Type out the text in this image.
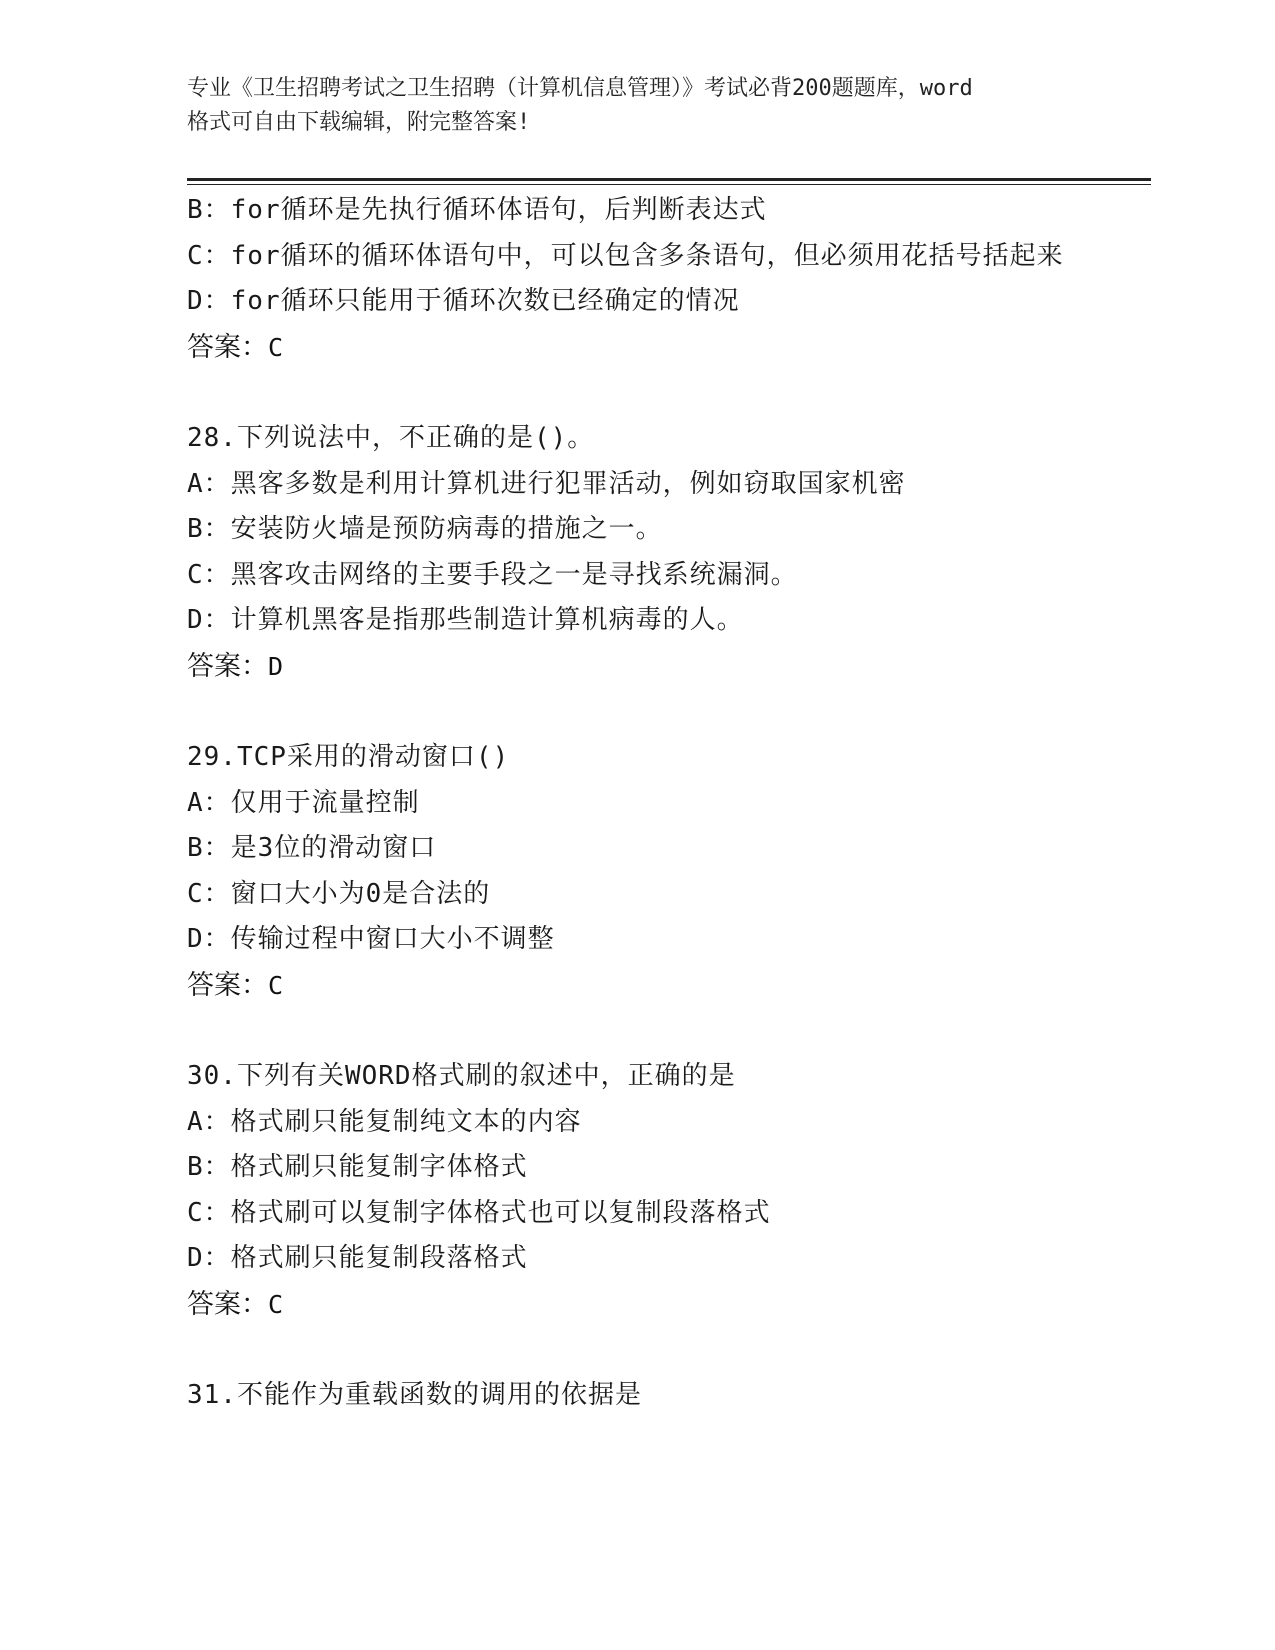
专业《卫生招聘考试之卫生招聘（计算机信息管理）》考试必背200题题库，word
格式可自由下载编辑，附完整答案!
B：for循环是先执行循环体语句，后判断表达式
C：for循环的循环体语句中，可以包含多条语句，但必须用花括号括起来
D：for循环只能用于循环次数已经确定的情况
答案：C
28.下列说法中，不正确的是()。
A：黑客多数是利用计算机进行犯罪活动，例如窃取国家机密
B：安装防火墙是预防病毒的措施之一。
C：黑客攻击网络的主要手段之一是寻找系统漏洞。
D：计算机黑客是指那些制造计算机病毒的人。
答案：D
29.TCP采用的滑动窗口()
A：仅用于流量控制
B：是3位的滑动窗口
C：窗口大小为0是合法的
D：传输过程中窗口大小不调整
答案：C
30.下列有关WORD格式刷的叙述中，正确的是
A：格式刷只能复制纯文本的内容
B：格式刷只能复制字体格式
C：格式刷可以复制字体格式也可以复制段落格式
D：格式刷只能复制段落格式
答案：C
31.不能作为重载函数的调用的依据是
